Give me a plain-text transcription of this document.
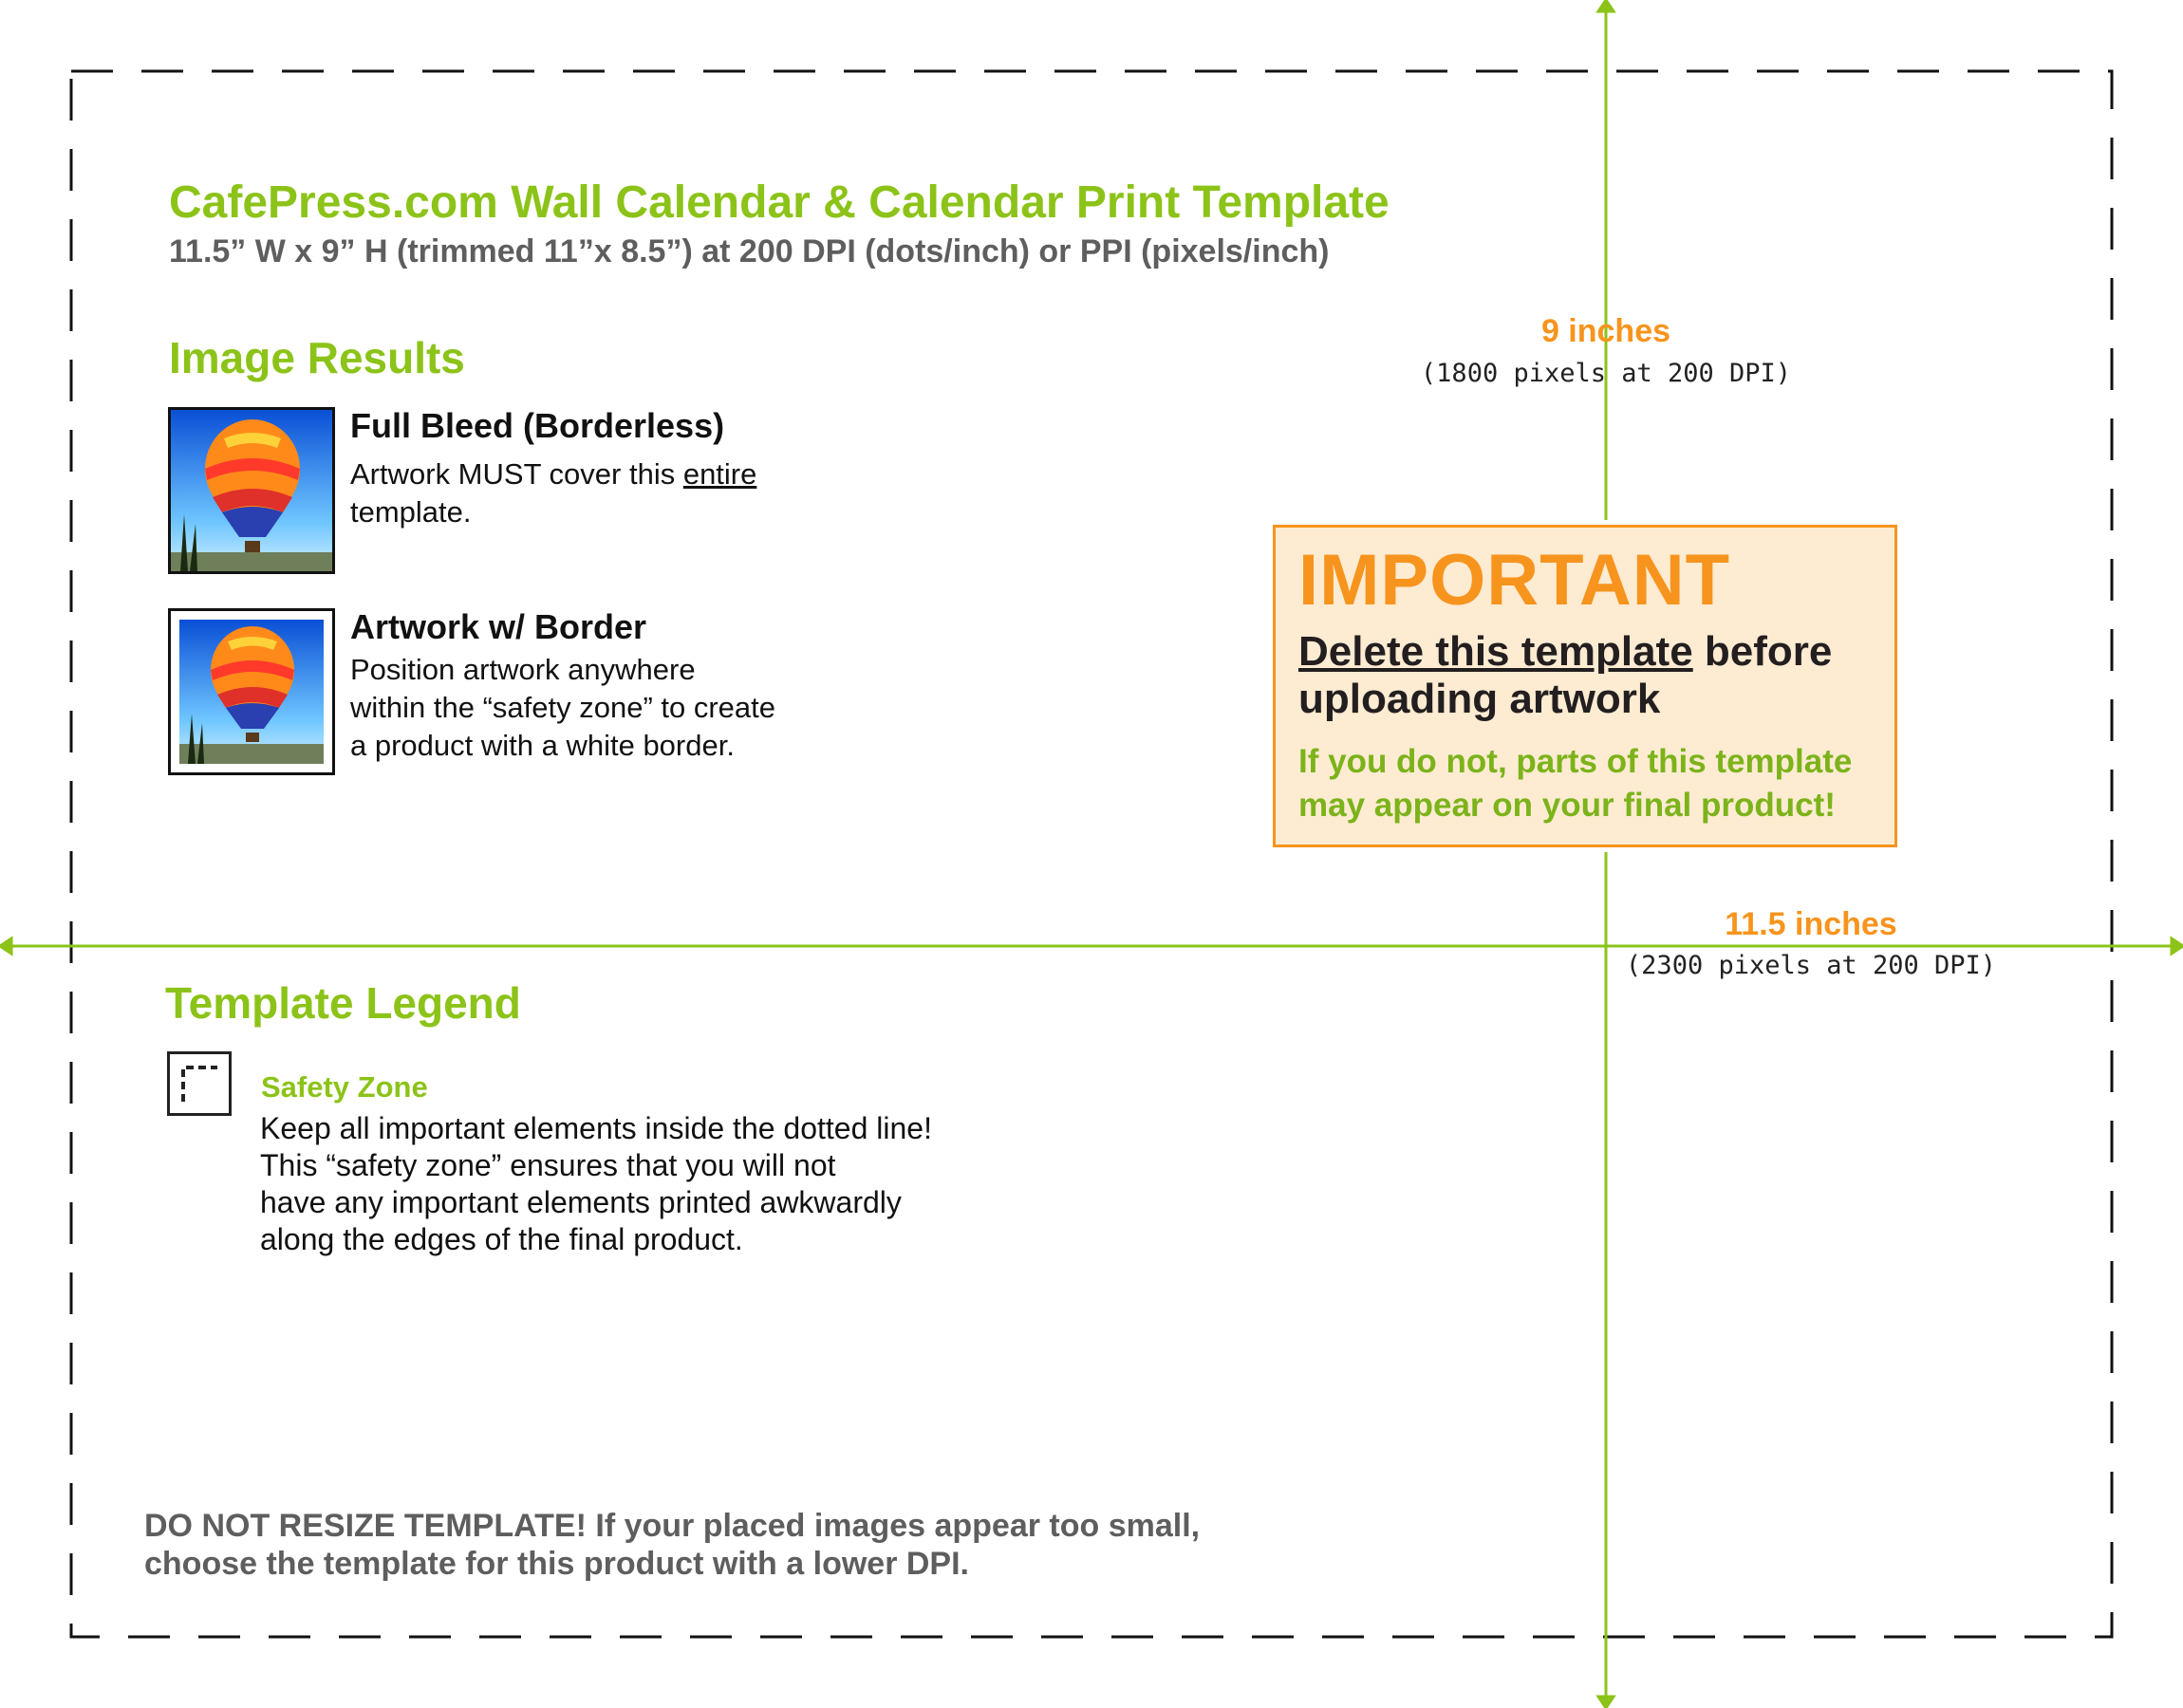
CafePress.com Wall Calendar & Calendar Print Template
11.5” W x 9” H (trimmed 11”x 8.5”) at 200 DPI (dots/inch) or PPI (pixels/inch)
Image Results
Full Bleed (Borderless)
Artwork MUST cover this entire
template.
Artwork w/ Border
Position artwork anywhere
within the “safety zone” to create
a product with a white border.
9 inches
(1800 pixels at 200 DPI)
11.5 inches
(2300 pixels at 200 DPI)
IMPORTANT
Delete this template before
uploading artwork
If you do not, parts of this template
may appear on your final product!
Template Legend
Safety Zone
Keep all important elements inside the dotted line!
This “safety zone” ensures that you will not
have any important elements printed awkwardly
along the edges of the final product.
DO NOT RESIZE TEMPLATE! If your placed images appear too small,
choose the template for this product with a lower DPI.
